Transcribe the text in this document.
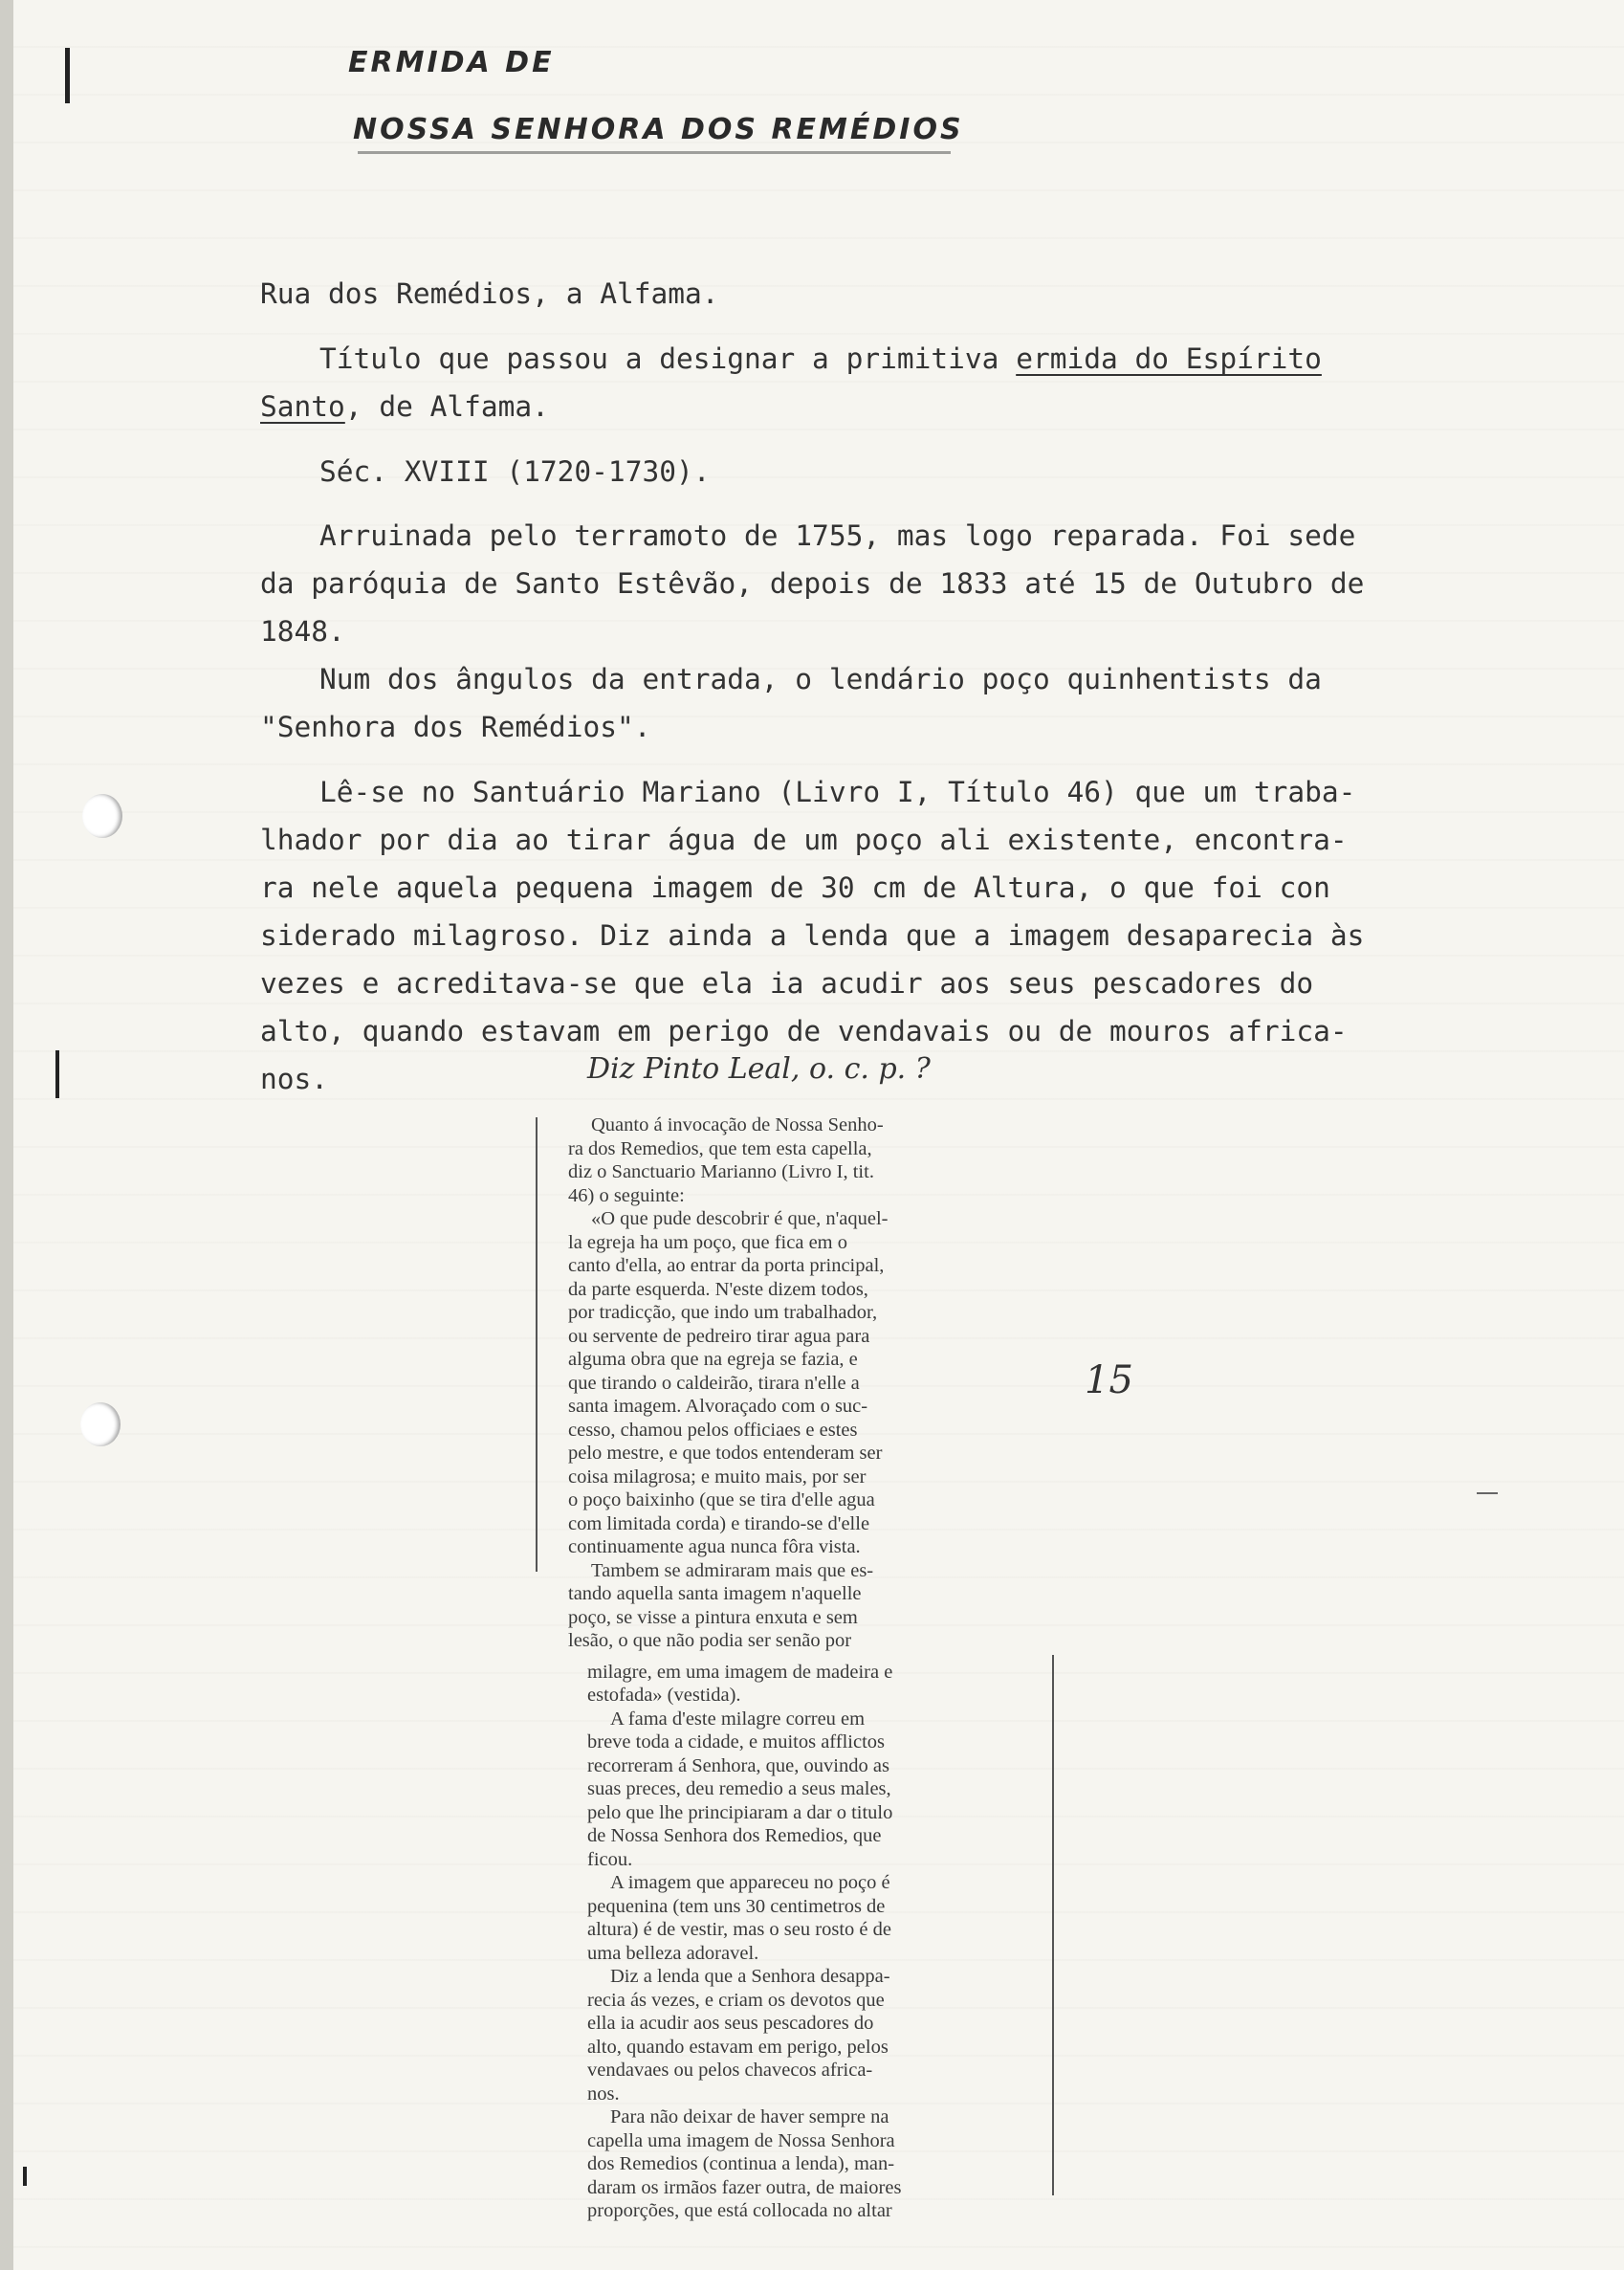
ERMIDA DE
NOSSA SENHORA DOS REMÉDIOS
Rua dos Remédios, a Alfama.
Título que passou a designar a primitiva ermida do Espírito
Santo, de Alfama.
Séc. XVIII (1720-1730).
Arruinada pelo terramoto de 1755, mas logo reparada. Foi sede
da paróquia de Santo Estêvão, depois de 1833 até 15 de Outubro de
1848.
Num dos ângulos da entrada, o lendário poço quinhentists da
"Senhora dos Remédios".
Lê-se no Santuário Mariano (Livro I, Título 46) que um traba-
lhador por dia ao tirar água de um poço ali existente, encontra-
ra nele aquela pequena imagem de 30 cm de Altura, o que foi con
siderado milagroso. Diz ainda a lenda que a imagem desaparecia às
vezes e acreditava-se que ela ia acudir aos seus pescadores do
alto, quando estavam em perigo de vendavais ou de mouros africa-
nos.	Diz Pinto Leal, o. c. p. ?
15
Quanto á invocação de Nossa Senho-
ra dos Remedios, que tem esta capella,
diz o Sanctuario Marianno (Livro I, tit.
46) o seguinte:
«O que pude descobrir é que, n'aquel-
la egreja ha um poço, que fica em o
canto d'ella, ao entrar da porta principal,
da parte esquerda. N'este dizem todos,
por tradicção, que indo um trabalhador,
ou servente de pedreiro tirar agua para
alguma obra que na egreja se fazia, e
que tirando o caldeirão, tirara n'elle a
santa imagem. Alvoraçado com o suc-
cesso, chamou pelos officiaes e estes
pelo mestre, e que todos entenderam ser
coisa milagrosa; e muito mais, por ser
o poço baixinho (que se tira d'elle agua
com limitada corda) e tirando-se d'elle
continuamente agua nunca fôra vista.
Tambem se admiraram mais que es-
tando aquella santa imagem n'aquelle
poço, se visse a pintura enxuta e sem
lesão, o que não podia ser senão por
milagre, em uma imagem de madeira e
estofada» (vestida).
A fama d'este milagre correu em
breve toda a cidade, e muitos afflictos
recorreram á Senhora, que, ouvindo as
suas preces, deu remedio a seus males,
pelo que lhe principiaram a dar o titulo
de Nossa Senhora dos Remedios, que
ficou.
A imagem que appareceu no poço é
pequenina (tem uns 30 centimetros de
altura) é de vestir, mas o seu rosto é de
uma belleza adoravel.
Diz a lenda que a Senhora desappa-
recia ás vezes, e criam os devotos que
ella ia acudir aos seus pescadores do
alto, quando estavam em perigo, pelos
vendavaes ou pelos chavecos africa-
nos.
Para não deixar de haver sempre na
capella uma imagem de Nossa Senhora
dos Remedios (continua a lenda), man-
daram os irmãos fazer outra, de maiores
proporções, que está collocada no altar
